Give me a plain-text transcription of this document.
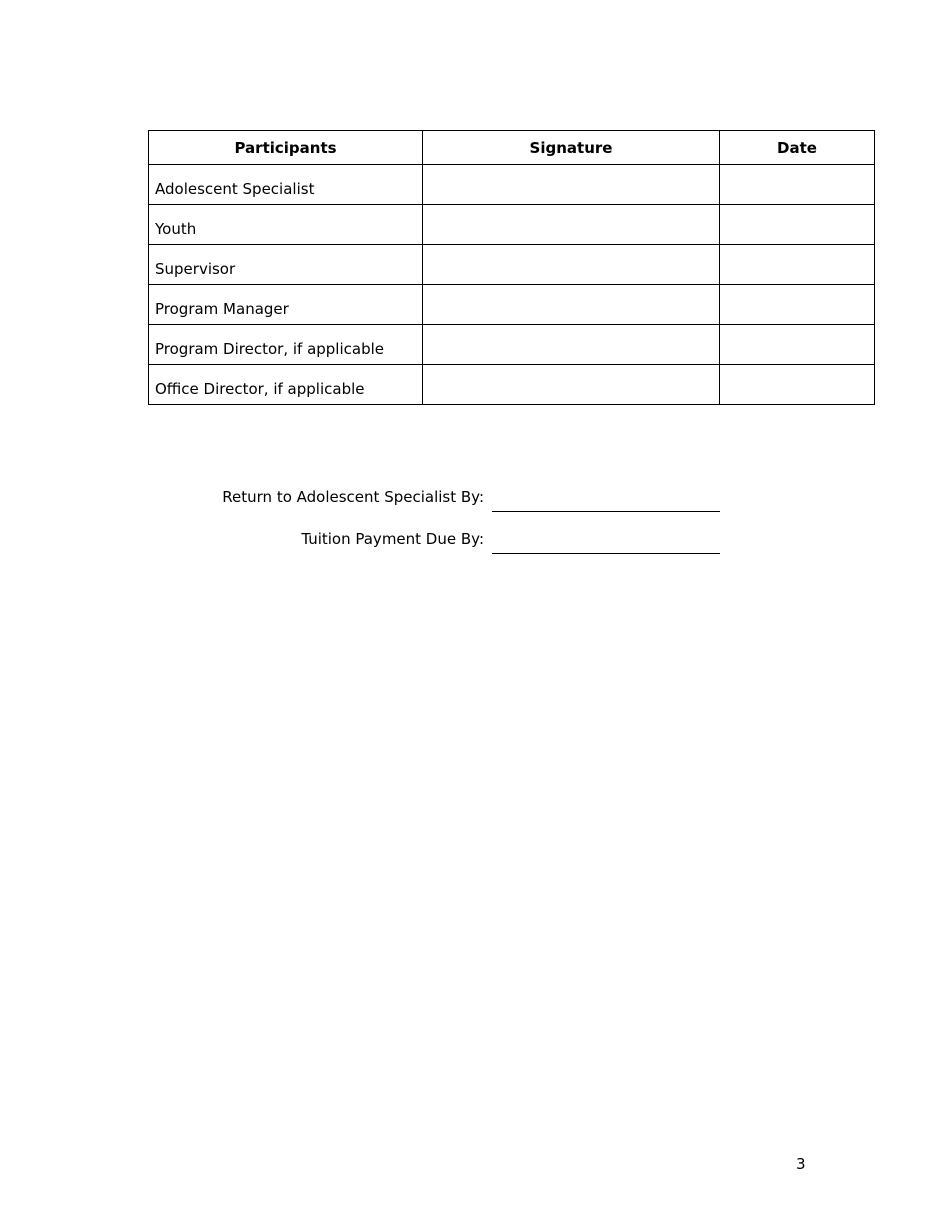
Participants	Signature	Date
Adolescent Specialist		
Youth		
Supervisor		
Program Manager		
Program Director, if applicable		
Office Director, if applicable		
Return to Adolescent Specialist By:
Tuition Payment Due By:
3
